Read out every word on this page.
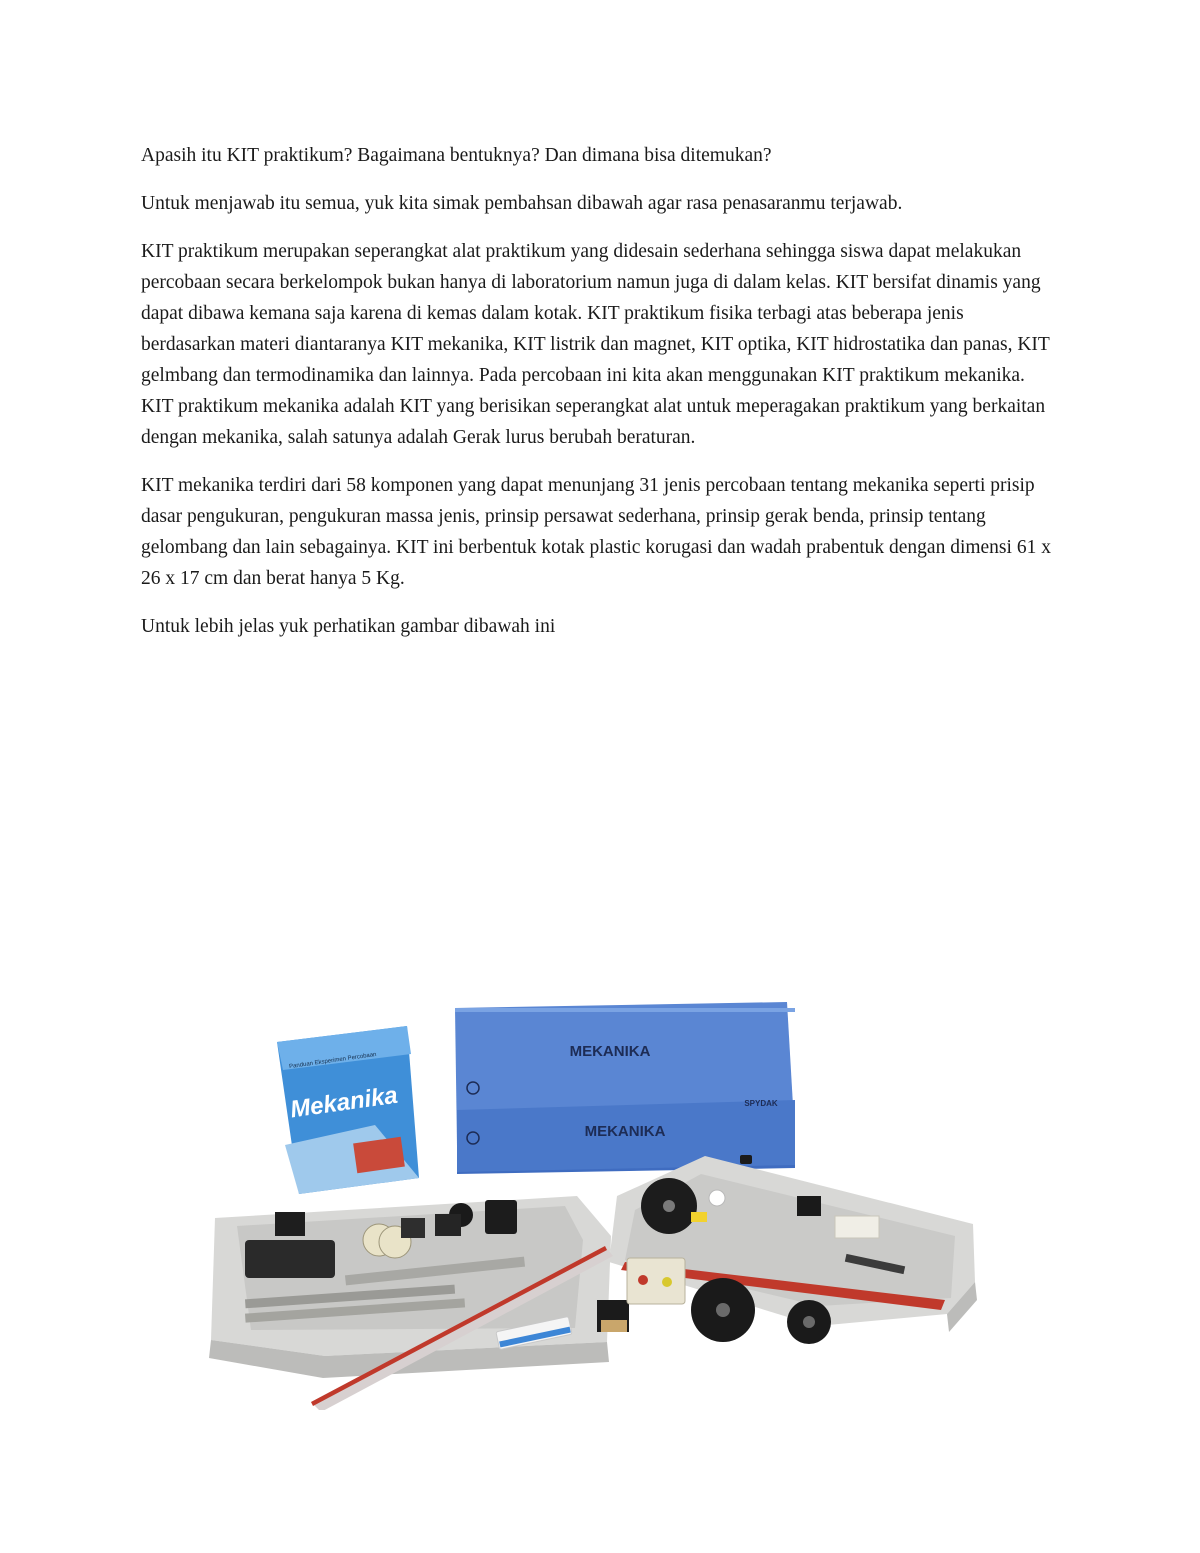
Apasih itu KIT praktikum? Bagaimana bentuknya? Dan dimana bisa ditemukan?

Untuk menjawab itu semua, yuk kita simak pembahsan dibawah agar rasa penasaranmu terjawab.

KIT praktikum merupakan seperangkat alat praktikum yang didesain sederhana sehingga siswa dapat melakukan percobaan secara berkelompok bukan hanya di laboratorium namun juga di dalam kelas. KIT bersifat dinamis yang dapat dibawa kemana saja karena di kemas dalam kotak. KIT praktikum fisika terbagi atas beberapa jenis berdasarkan materi diantaranya KIT mekanika, KIT listrik dan magnet, KIT optika, KIT hidrostatika dan panas, KIT gelmbang dan termodinamika dan lainnya. Pada percobaan ini kita akan menggunakan KIT praktikum mekanika. KIT praktikum mekanika adalah KIT yang berisikan seperangkat alat untuk meperagakan praktikum yang berkaitan dengan mekanika, salah satunya adalah Gerak lurus berubah beraturan.

KIT mekanika terdiri dari 58 komponen yang dapat menunjang 31 jenis percobaan tentang mekanika seperti prisip dasar pengukuran, pengukuran massa jenis, prinsip persawat sederhana, prinsip gerak benda, prinsip tentang gelombang dan lain sebagainya. KIT ini berbentuk kotak plastic korugasi dan wadah prabentuk dengan dimensi 61 x 26 x 17 cm dan berat hanya 5 Kg.

Untuk lebih jelas yuk perhatikan gambar dibawah ini

MEKANIKA
MEKANIKA
SPYDAK
Mekanika
Panduan Eksperimen Percobaan
